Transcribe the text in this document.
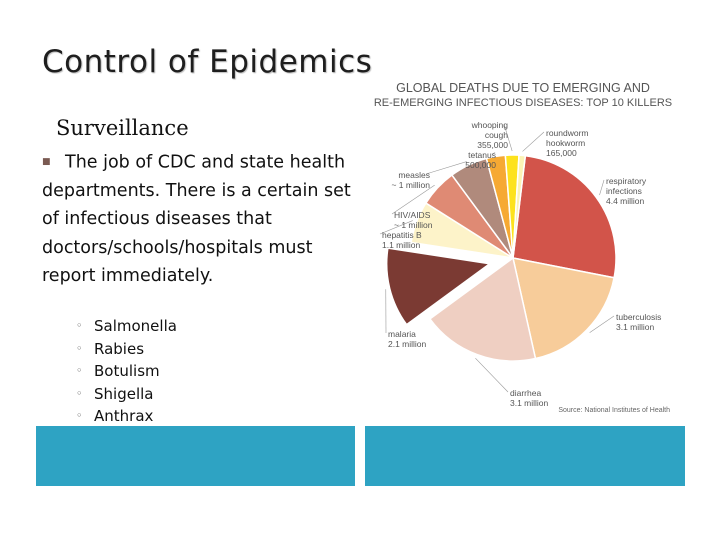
Control of Epidemics
Surveillance
■ The job of CDC and state health departments. There is a certain set of infectious diseases that doctors/schools/hospitals must report immediately.
◦ Salmonella
◦ Rabies
◦ Botulism
◦ Shigella
◦ Anthrax
GLOBAL DEATHS DUE TO EMERGING AND
RE-EMERGING INFECTIOUS DISEASES: TOP 10 KILLERS
respiratory
infections
4.4 million
tuberculosis
3.1 million
diarrhea
3.1 million
malaria
2.1 million
hepatitis B
1.1 million
HIV/AIDS
~ 1 million
measles
~ 1 million
tetanus
500,000
whooping
cough
355,000
roundworm
hookworm
165,000
Source: National Institutes of Health
